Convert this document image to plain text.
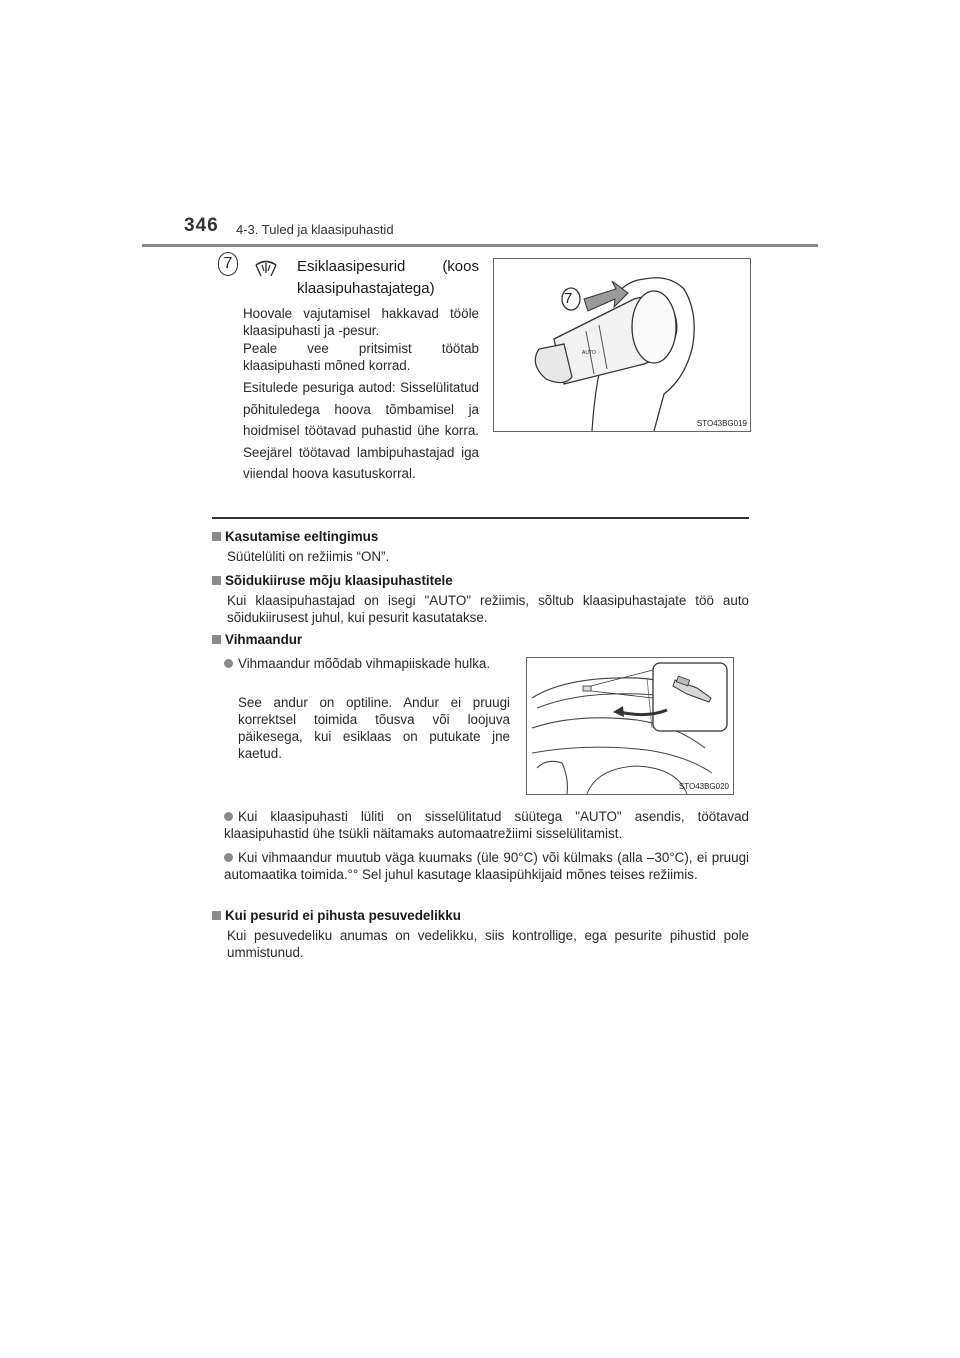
346 4-3. Tuled ja klaasipuhastid
7	Esiklaasipesurid (koos klaasipuhastajatega)
Hoovale vajutamisel hakkavad tööle klaasipuhasti ja -pesur.
Peale vee pritsimist töötab klaasipuhasti mõned korrad.
Esitulede pesuriga autod: Sisselülitatud põhituledega hoova tõmbamisel ja hoidmisel töötavad puhastid ühe korra. Seejärel töötavad lambipuhastajad iga viiendal hoova kasutuskorral.
AUTO
7
STO43BG019
Kasutamise eeltingimus
Süütelüliti on režiimis “ON”.
Sõidukiiruse mõju klaasipuhastitele
Kui klaasipuhastajad on isegi "AUTO" režiimis, sõltub klaasipuhastajate töö auto sõidukiirusest juhul, kui pesurit kasutatakse.
Vihmaandur
Vihmaandur mõõdab vihmapiiskade hulka.
See andur on optiline. Andur ei pruugi korrektsel toimida tõusva või loojuva päikesega, kui esiklaas on putukate jne kaetud.
STO43BG020
Kui klaasipuhasti lüliti on sisselülitatud süütega "AUTO" asendis, töötavad klaasipuhastid ühe tsükli näitamaks automaatrežiimi sisselülitamist.
Kui vihmaandur muutub väga kuumaks (üle 90°C) või külmaks (alla –30°C), ei pruugi automaatika toimida.°° Sel juhul kasutage klaasipühkijaid mõnes teises režiimis.
Kui pesurid ei pihusta pesuvedelikku
Kui pesuvedeliku anumas on vedelikku, siis kontrollige, ega pesurite pihustid pole ummistunud.
